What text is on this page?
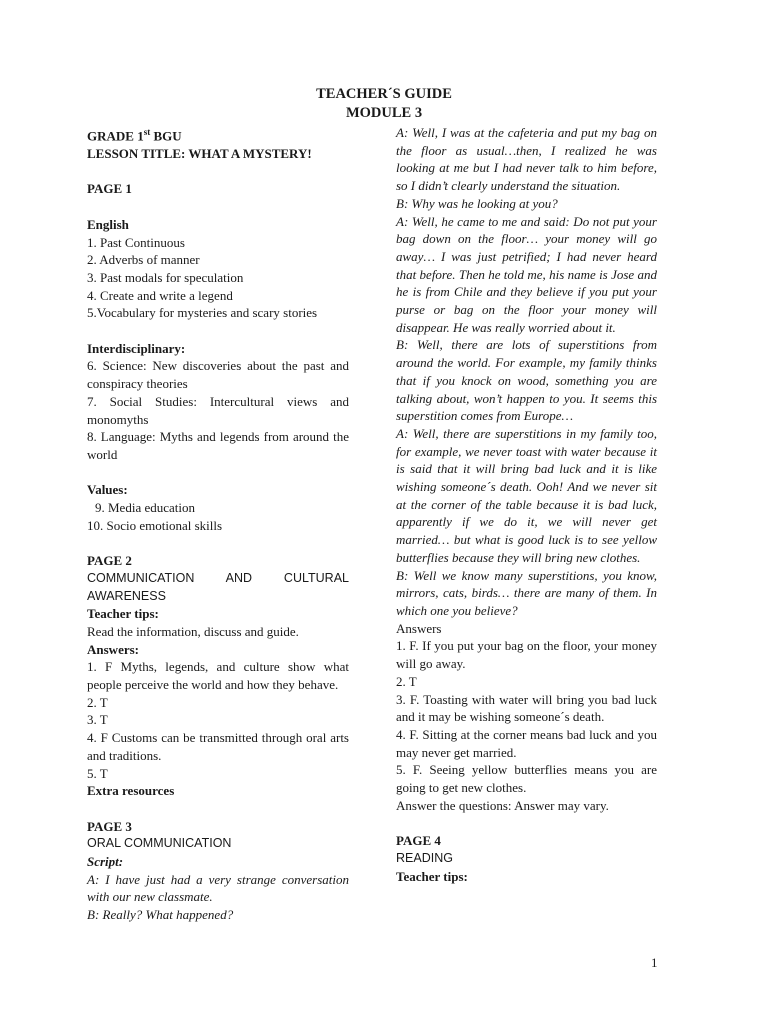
TEACHER´S GUIDE
MODULE 3

GRADE 1st BGU

LESSON TITLE: WHAT A MYSTERY!

PAGE 1

English

1. Past Continuous

2. Adverbs of manner

3. Past modals for speculation

4. Create and write a legend

5.Vocabulary for mysteries and scary stories

Interdisciplinary:

6. Science: New discoveries about the past and conspiracy theories

7. Social Studies: Intercultural views and monomyths

8. Language: Myths and legends from around the world

Values:

9. Media education

10. Socio emotional skills

PAGE 2

COMMUNICATION AND CULTURAL AWARENESS

Teacher tips:

Read the information, discuss and guide.

Answers:

1. F Myths, legends, and culture show what people perceive the world and how they behave.

2. T

3. T

4. F Customs can be transmitted through oral arts and traditions.

5. T

Extra resources

PAGE 3

ORAL COMMUNICATION

Script:

A: I have just had a very strange conversation with our new classmate.

B: Really? What happened?

A: Well, I was at the cafeteria and put my bag on the floor as usual…then, I realized he was looking at me but I had never talk to him before, so I didn’t clearly understand the situation.

B: Why was he looking at you?

A: Well, he came to me and said: Do not put your bag down on the floor… your money will go away… I was just petrified; I had never heard that before. Then he told me, his name is Jose and he is from Chile and they believe if you put your purse or bag on the floor your money will disappear. He was really worried about it.

B: Well, there are lots of superstitions from around the world. For example, my family thinks that if you knock on wood, something you are talking about, won’t happen to you. It seems this superstition comes from Europe…

A: Well, there are superstitions in my family too, for example, we never toast with water because it is said that it will bring bad luck and it is like wishing someone´s death. Ooh! And we never sit at the corner of the table because it is bad luck, apparently if we do it, we will never get married… but what is good luck is to see yellow butterflies because they will bring new clothes.

B: Well we know many superstitions, you know, mirrors, cats, birds… there are many of them. In which one you believe?

Answers

1. F. If you put your bag on the floor, your money will go away.

2. T

3. F. Toasting with water will bring you bad luck and it may be wishing someone´s death.

4. F. Sitting at the corner means bad luck and you may never get married.

5. F. Seeing yellow butterflies means you are going to get new clothes.

Answer the questions: Answer may vary.

PAGE 4

READING

Teacher tips:

1
